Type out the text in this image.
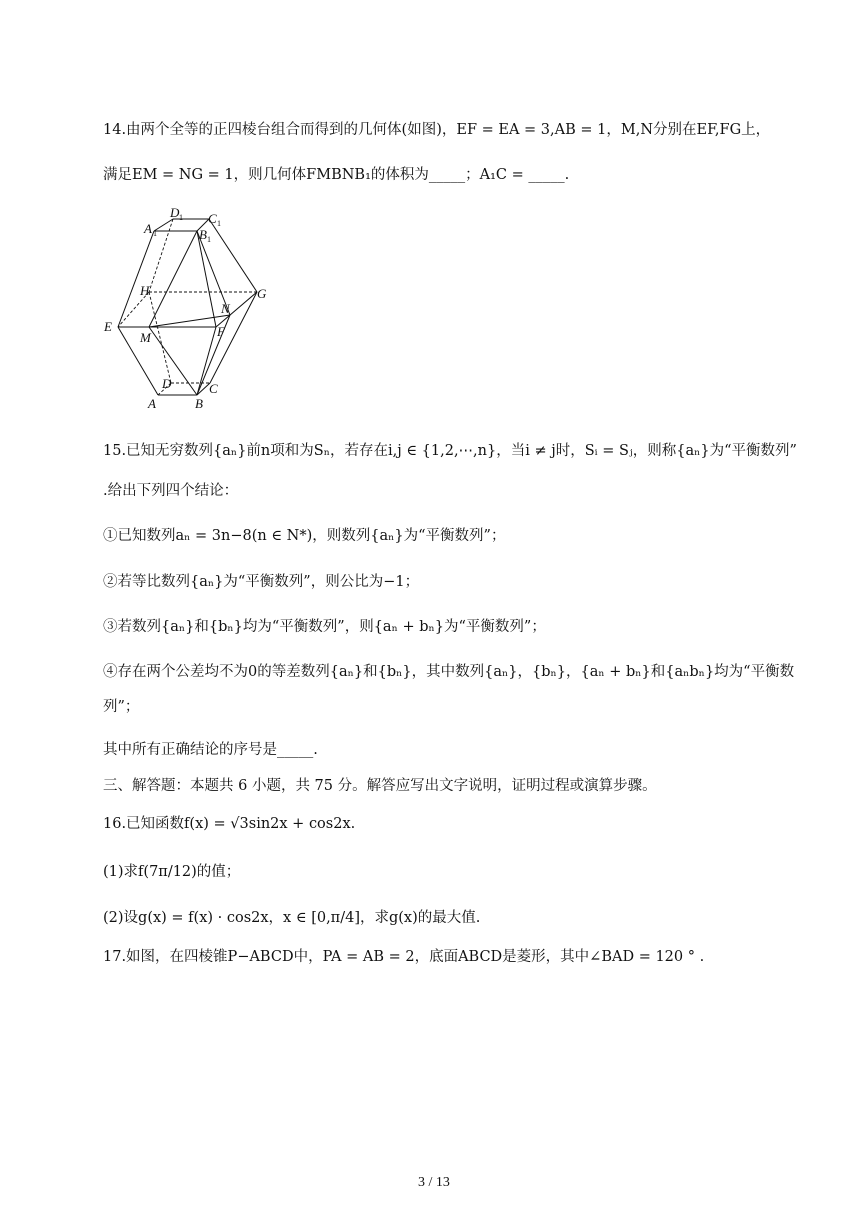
14.由两个全等的正四棱台组合而得到的几何体(如图)，EF = EA = 3,AB = 1，M,N分别在EF,FG上，
满足EM = NG = 1，则几何体FMBNB₁的体积为_____；A₁C = _____.
A 1
D 1 C 1
B 1
H	G
N
E
M	F
D	C
A	B
15.已知无穷数列{aₙ}前n项和为Sₙ，若存在i,j ∈ {1,2,⋯,n}，当i ≠ j时，Sᵢ = Sⱼ，则称{aₙ}为“平衡数列”
.给出下列四个结论：
①已知数列aₙ = 3n−8(n ∈ N*)，则数列{aₙ}为“平衡数列”；
②若等比数列{aₙ}为“平衡数列”，则公比为−1；
③若数列{aₙ}和{bₙ}均为“平衡数列”，则{aₙ + bₙ}为“平衡数列”；
④存在两个公差均不为0的等差数列{aₙ}和{bₙ}，其中数列{aₙ}，{bₙ}，{aₙ + bₙ}和{aₙbₙ}均为“平衡数
列”；
其中所有正确结论的序号是_____.
三、解答题：本题共 6 小题，共 75 分。解答应写出文字说明，证明过程或演算步骤。
16.已知函数f(x) = √3sin2x + cos2x.
(1)求f(7π/12)的值；
(2)设g(x) = f(x) · cos2x，x ∈ [0,π/4]，求g(x)的最大值.
17.如图，在四棱锥P−ABCD中，PA = AB = 2，底面ABCD是菱形，其中∠BAD = 120 ° .
3 / 13
